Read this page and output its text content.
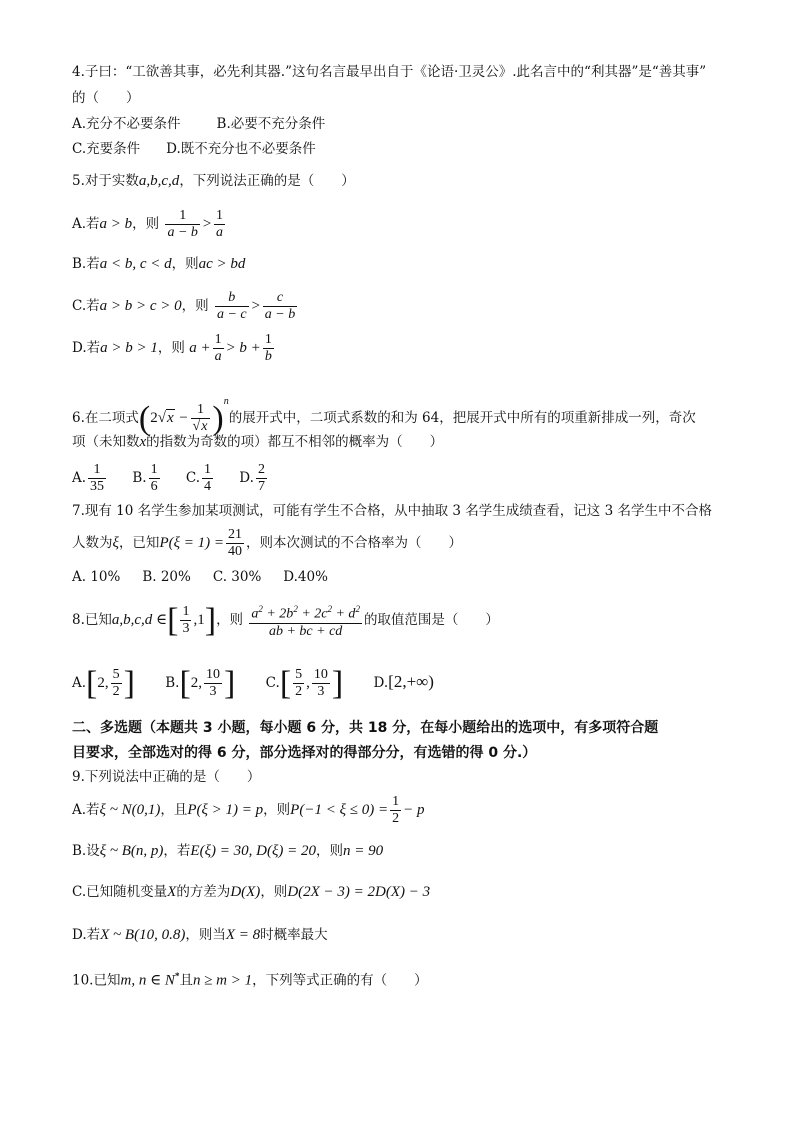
4.子曰：“工欲善其事，必先利其器.”这句名言最早出自于《论语·卫灵公》.此名言中的“利其器”是“善其事”
的（　　）
A.充分不必要条件	B.必要不充分条件
C.充要条件 D.既不充分也不必要条件
5.对于实数a,b,c,d，下列说法正确的是（　　）
A.若a > b，则 $\frac{1}{a - b} > \frac{1}{a}$
B.若a < b, c < d，则ac > bd
C.若a > b > c > 0，则 $\frac{b}{a - c} > \frac{c}{a - b}$
D.若a > b > 1，则 $a + \frac{1}{a} > b + \frac{1}{b}$
6.在二项式$(2√x - \frac{1}{√x} )^n$的展开式中，二项式系数的和为 64，把展开式中所有的项重新排成一列，奇次
项（未知数x的指数为奇数的项）都互不相邻的概率为（　　）
A. $\frac{1}{35} B$. $\frac{1}{6} C$. $\frac{1}{4} D$. $\frac{2}{7}$
7.现有 10 名学生参加某项测试，可能有学生不合格，从中抽取 3 名学生成绩查看，记这 3 名学生中不合格
人数为ξ，已知$P(\xi = 1) = \frac{21}{40}$ ，则本次测试的不合格率为（　　）
A. 10% B. 20% C. 30% D.40%
8.已知a,b,c,d ∈[ $\frac{1}{3} ,1$]，则 $\frac{a^2 + 2b^2 + 2c^2 + d^2}{ab + bc + cd}$ 的取值范围是（　　）
A.[2, $\frac{5}{2}$ ] B.[2, $\frac{10}{3}$ ] $C.[ \frac{5}{2}$ , $\frac{10}{3}$ ] D.[2,+∞)
二、多选题（本题共 3 小题，每小题 6 分，共 18 分，在每小题给出的选项中，有多项符合题
目要求，全部选对的得 6 分，部分选择对的得部分分，有选错的得 0 分.）
9.下列说法中正确的是（　　）
A.若ξ ~ N(0,1)，且P(ξ > 1) = p，则$P(-1 < \xi \le 0) = \frac{1}{2} - p$
B.设ξ ~ B(n, p)，若E(ξ) = 30, D(ξ) = 20，则n = 90
C.已知随机变量X的方差为D(X)，则D(2X − 3) = 2D(X) − 3
D.若X ~ B(10, 0.8)，则当X = 8时概率最大
10.已知m, n ∈ N*且n ≥ m > 1，下列等式正确的有（　　）
